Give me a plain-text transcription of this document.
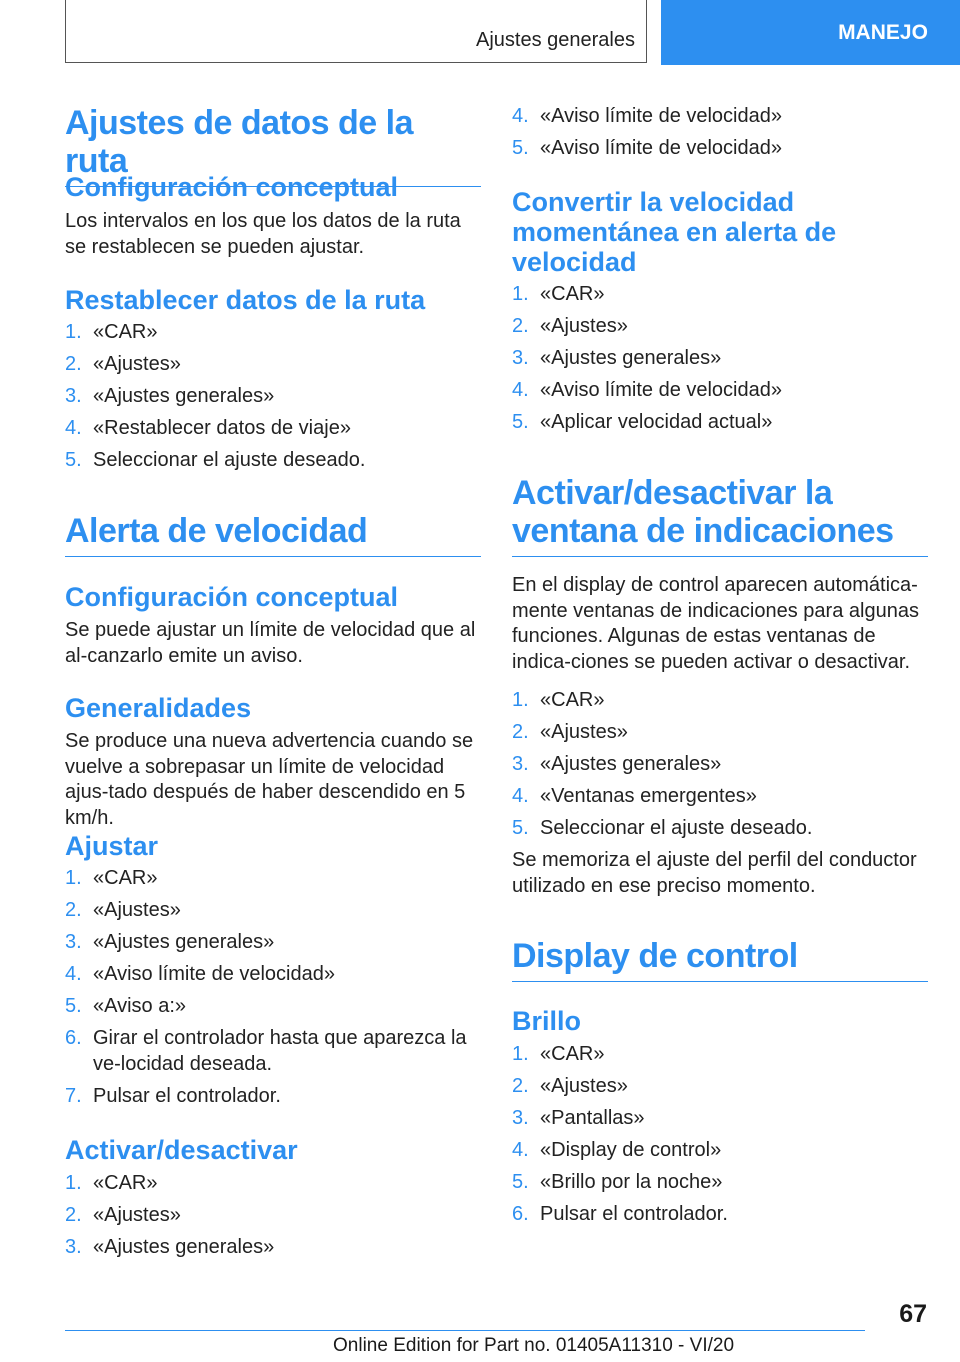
Ajustes generales	MANEJO
Ajustes de datos de la ruta
Configuración conceptual
Los intervalos en los que los datos de la ruta se restablecen se pueden ajustar.
Restablecer datos de la ruta
1. «CAR»
2. «Ajustes»
3. «Ajustes generales»
4. «Restablecer datos de viaje»
5. Seleccionar el ajuste deseado.
Alerta de velocidad
Configuración conceptual
Se puede ajustar un límite de velocidad que al al-canzarlo emite un aviso.
Generalidades
Se produce una nueva advertencia cuando se vuelve a sobrepasar un límite de velocidad ajus-tado después de haber descendido en 5 km/h.
Ajustar
1. «CAR»
2. «Ajustes»
3. «Ajustes generales»
4. «Aviso límite de velocidad»
5. «Aviso a:»
6. Girar el controlador hasta que aparezca la ve-locidad deseada.
7. Pulsar el controlador.
Activar/desactivar
1. «CAR»
2. «Ajustes»
3. «Ajustes generales»
4. «Aviso límite de velocidad»
5. «Aviso límite de velocidad»
Convertir la velocidad momentánea en alerta de velocidad
1. «CAR»
2. «Ajustes»
3. «Ajustes generales»
4. «Aviso límite de velocidad»
5. «Aplicar velocidad actual»
Activar/desactivar la ventana de indicaciones
En el display de control aparecen automática-mente ventanas de indicaciones para algunas funciones. Algunas de estas ventanas de indica-ciones se pueden activar o desactivar.
1. «CAR»
2. «Ajustes»
3. «Ajustes generales»
4. «Ventanas emergentes»
5. Seleccionar el ajuste deseado.
Se memoriza el ajuste del perfil del conductor utilizado en ese preciso momento.
Display de control
Brillo
1. «CAR»
2. «Ajustes»
3. «Pantallas»
4. «Display de control»
5. «Brillo por la noche»
6. Pulsar el controlador.
67
Online Edition for Part no. 01405A11310 - VI/20
